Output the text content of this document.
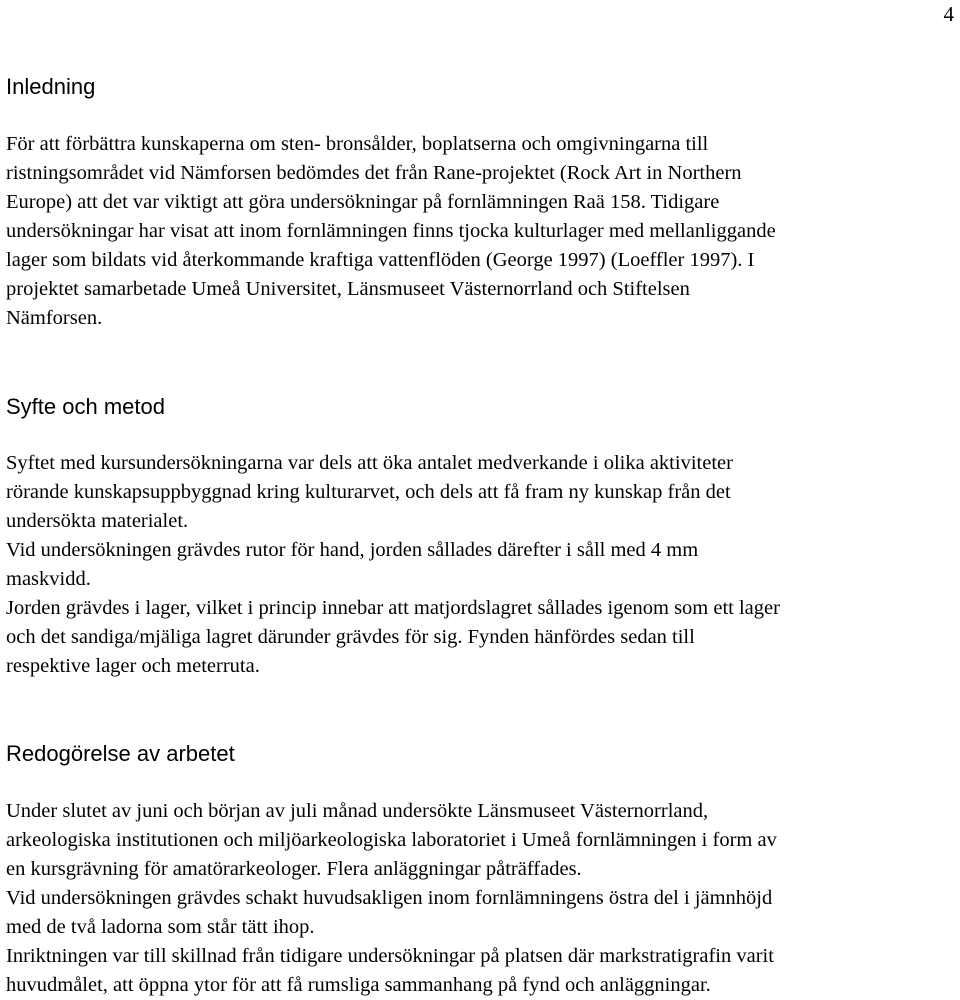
4
Inledning
För att förbättra kunskaperna om sten- bronsålder, boplatserna och omgivningarna till
ristningsområdet vid Nämforsen bedömdes det från Rane-projektet (Rock Art in Northern
Europe) att det var viktigt att göra undersökningar på fornlämningen Raä 158. Tidigare
undersökningar har visat att inom fornlämningen finns tjocka kulturlager med mellanliggande
lager som bildats vid återkommande kraftiga vattenflöden (George 1997) (Loeffler 1997). I
projektet samarbetade Umeå Universitet, Länsmuseet Västernorrland och Stiftelsen
Nämforsen.
Syfte och metod
Syftet med kursundersökningarna var dels att öka antalet medverkande i olika aktiviteter
rörande kunskapsuppbyggnad kring kulturarvet, och dels att få fram ny kunskap från det
undersökta materialet.
Vid undersökningen grävdes rutor för hand, jorden sållades därefter i såll med 4 mm
maskvidd.
Jorden grävdes i lager, vilket i princip innebar att matjordslagret sållades igenom som ett lager
och det sandiga/mjäliga lagret därunder grävdes för sig. Fynden hänfördes sedan till
respektive lager och meterruta.
Redogörelse av arbetet
Under slutet av juni och början av juli månad undersökte Länsmuseet Västernorrland,
arkeologiska institutionen och miljöarkeologiska laboratoriet i Umeå fornlämningen i form av
en kursgrävning för amatörarkeologer. Flera anläggningar påträffades.
Vid undersökningen grävdes schakt huvudsakligen inom fornlämningens östra del i jämnhöjd
med de två ladorna som står tätt ihop.
Inriktningen var till skillnad från tidigare undersökningar på platsen där markstratigrafin varit
huvudmålet, att öppna ytor för att få rumsliga sammanhang på fynd och anläggningar.
